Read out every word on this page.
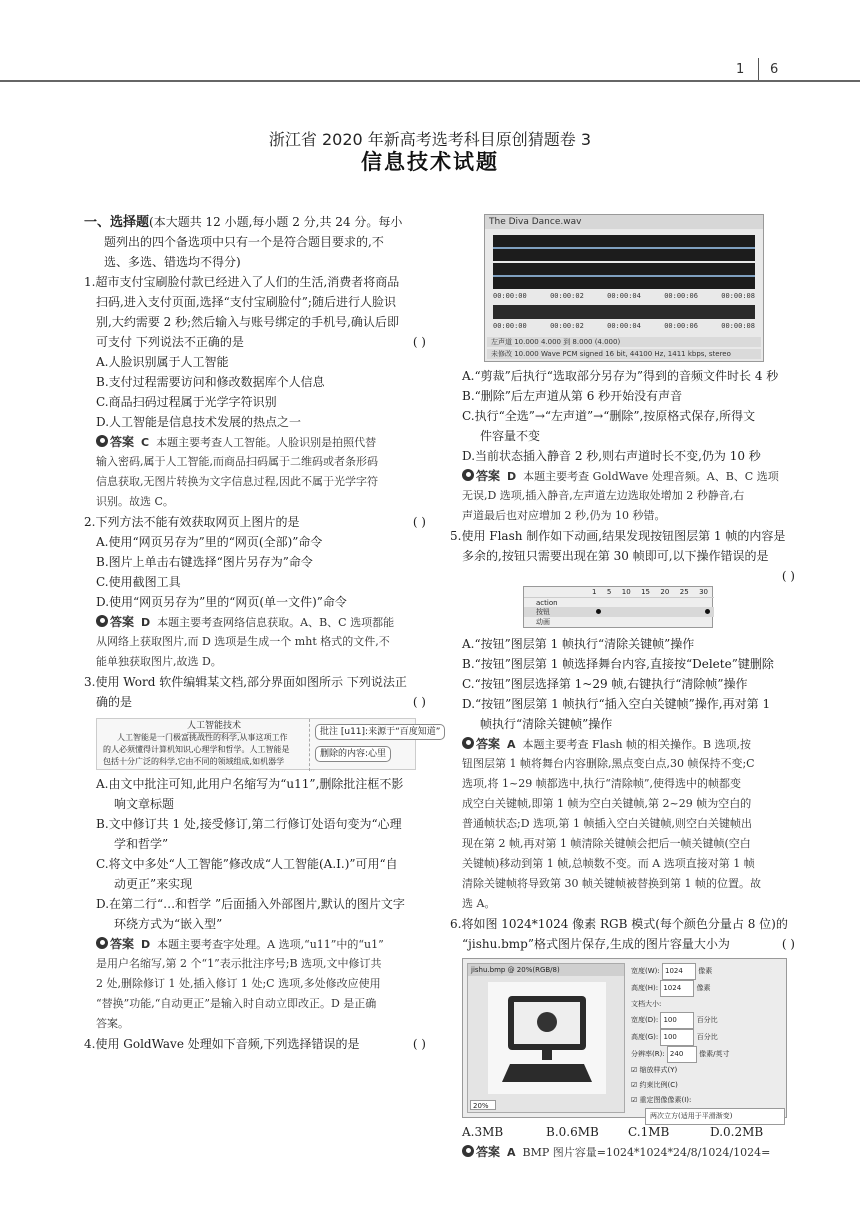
1 6
浙江省 2020 年新高考选考科目原创猜题卷 3
信息技术试题
一、选择题(本大题共 12 小题,每小题 2 分,共 24 分。每小
题列出的四个备选项中只有一个是符合题目要求的,不
选、多选、错选均不得分)
1.超市支付宝刷脸付款已经进入了人们的生活,消费者将商品
扫码,进入支付页面,选择“支付宝刷脸付”;随后进行人脸识
别,大约需要 2 秒;然后输入与账号绑定的手机号,确认后即
可支付 下列说法不正确的是	( )
A.人脸识别属于人工智能
B.支付过程需要访问和修改数据库个人信息
C.商品扫码过程属于光学字符识别
D.人工智能是信息技术发展的热点之一
答案 C 本题主要考查人工智能。人脸识别是拍照代替
输入密码,属于人工智能,而商品扫码属于二维码或者条形码
信息获取,无图片转换为文字信息过程,因此不属于光学字符
识别。故选 C。
2.下列方法不能有效获取网页上图片的是	( )
A.使用“网页另存为”里的“网页(全部)”命令
B.图片上单击右键选择“图片另存为”命令
C.使用截图工具
D.使用“网页另存为”里的“网页(单一文件)”命令
答案 D 本题主要考查网络信息获取。A、B、C 选项都能
从网络上获取图片,而 D 选项是生成一个 mht 格式的文件,不
能单独获取图片,故选 D。
3.使用 Word 软件编辑某文档,部分界面如图所示 下列说法正
确的是	( )
人工智能技术
人工智能是一门极富挑战性的科学,从事这项工作
的人必须懂得计算机知识,心理学和哲学。人工智能是
包括十分广泛的科学,它由不同的领域组成,如机器学
批注 [u11]:来源于“百度知道”
删除的内容:心里
A.由文中批注可知,此用户名缩写为“u11”,删除批注框不影
响文章标题
B.文中修订共 1 处,接受修订,第二行修订处语句变为“心理
学和哲学”
C.将文中多处“人工智能”修改成“人工智能(A.I.)”可用“自
动更正”来实现
D.在第二行“…和哲学 ”后面插入外部图片,默认的图片文字
环绕方式为“嵌入型”
答案 D 本题主要考查字处理。A 选项,“u11”中的“u1”
是用户名缩写,第 2 个“1”表示批注序号;B 选项,文中修订共
2 处,删除修订 1 处,插入修订 1 处;C 选项,多处修改应使用
“替换”功能,“自动更正”是输入时自动立即改正。D 是正确
答案。
4.使用 GoldWave 处理如下音频,下列选择错误的是	( )
The Diva Dance.wav
00:00:00	00:00:02	00:00:04	00:00:06	00:00:08
00:00:00	00:00:02	00:00:04	00:00:06	00:00:08
左声道 10.000 4.000 到 8.000 (4.000)
未修改 10.000 Wave PCM signed 16 bit, 44100 Hz, 1411 kbps, stereo
A.“剪裁”后执行“选取部分另存为”得到的音频文件时长 4 秒
B.“删除”后左声道从第 6 秒开始没有声音
C.执行“全选”→“左声道”→“删除”,按原格式保存,所得文
件容量不变
D.当前状态插入静音 2 秒,则右声道时长不变,仍为 10 秒
答案 D 本题主要考查 GoldWave 处理音频。A、B、C 选项
无误,D 选项,插入静音,左声道左边选取处增加 2 秒静音,右
声道最后也对应增加 2 秒,仍为 10 秒错。
5.使用 Flash 制作如下动画,结果发现按钮图层第 1 帧的内容是
多余的,按钮只需要出现在第 30 帧即可,以下操作错误的是
( )
1 5 10 15 20 25 30
action
按钮
动画
A.“按钮”图层第 1 帧执行“清除关键帧”操作
B.“按钮”图层第 1 帧选择舞台内容,直接按“Delete”键删除
C.“按钮”图层选择第 1~29 帧,右键执行“清除帧”操作
D.“按钮”图层第 1 帧执行“插入空白关键帧”操作,再对第 1
帧执行“清除关键帧”操作
答案 A 本题主要考查 Flash 帧的相关操作。B 选项,按
钮图层第 1 帧将舞台内容删除,黑点变白点,30 帧保持不变;C
选项,将 1~29 帧都选中,执行“清除帧”,使得选中的帧都变
成空白关键帧,即第 1 帧为空白关键帧,第 2~29 帧为空白的
普通帧状态;D 选项,第 1 帧插入空白关键帧,则空白关键帧出
现在第 2 帧,再对第 1 帧清除关键帧会把后一帧关键帧(空白
关键帧)移动到第 1 帧,总帧数不变。而 A 选项直接对第 1 帧
清除关键帧将导致第 30 帧关键帧被替换到第 1 帧的位置。故
选 A。
6.将如图 1024*1024 像素 RGB 模式(每个颜色分量占 8 位)的
“jishu.bmp”格式图片保存,生成的图片容量大小为	( )
jishu.bmp @ 20%(RGB/8)
20%
宽度(W): 1024 像素
高度(H): 1024 像素
文档大小:
宽度(D): 100	百分比
高度(G): 100	百分比
分辨率(R): 240 像素/英寸
☑ 缩放样式(Y)
☑ 约束比例(C)
☑ 重定图像像素(I):
两次立方(适用于平滑渐变)
A.3MB	B.0.6MB	C.1MB	D.0.2MB
答案 A BMP 图片容量=1024*1024*24/8/1024/1024=
